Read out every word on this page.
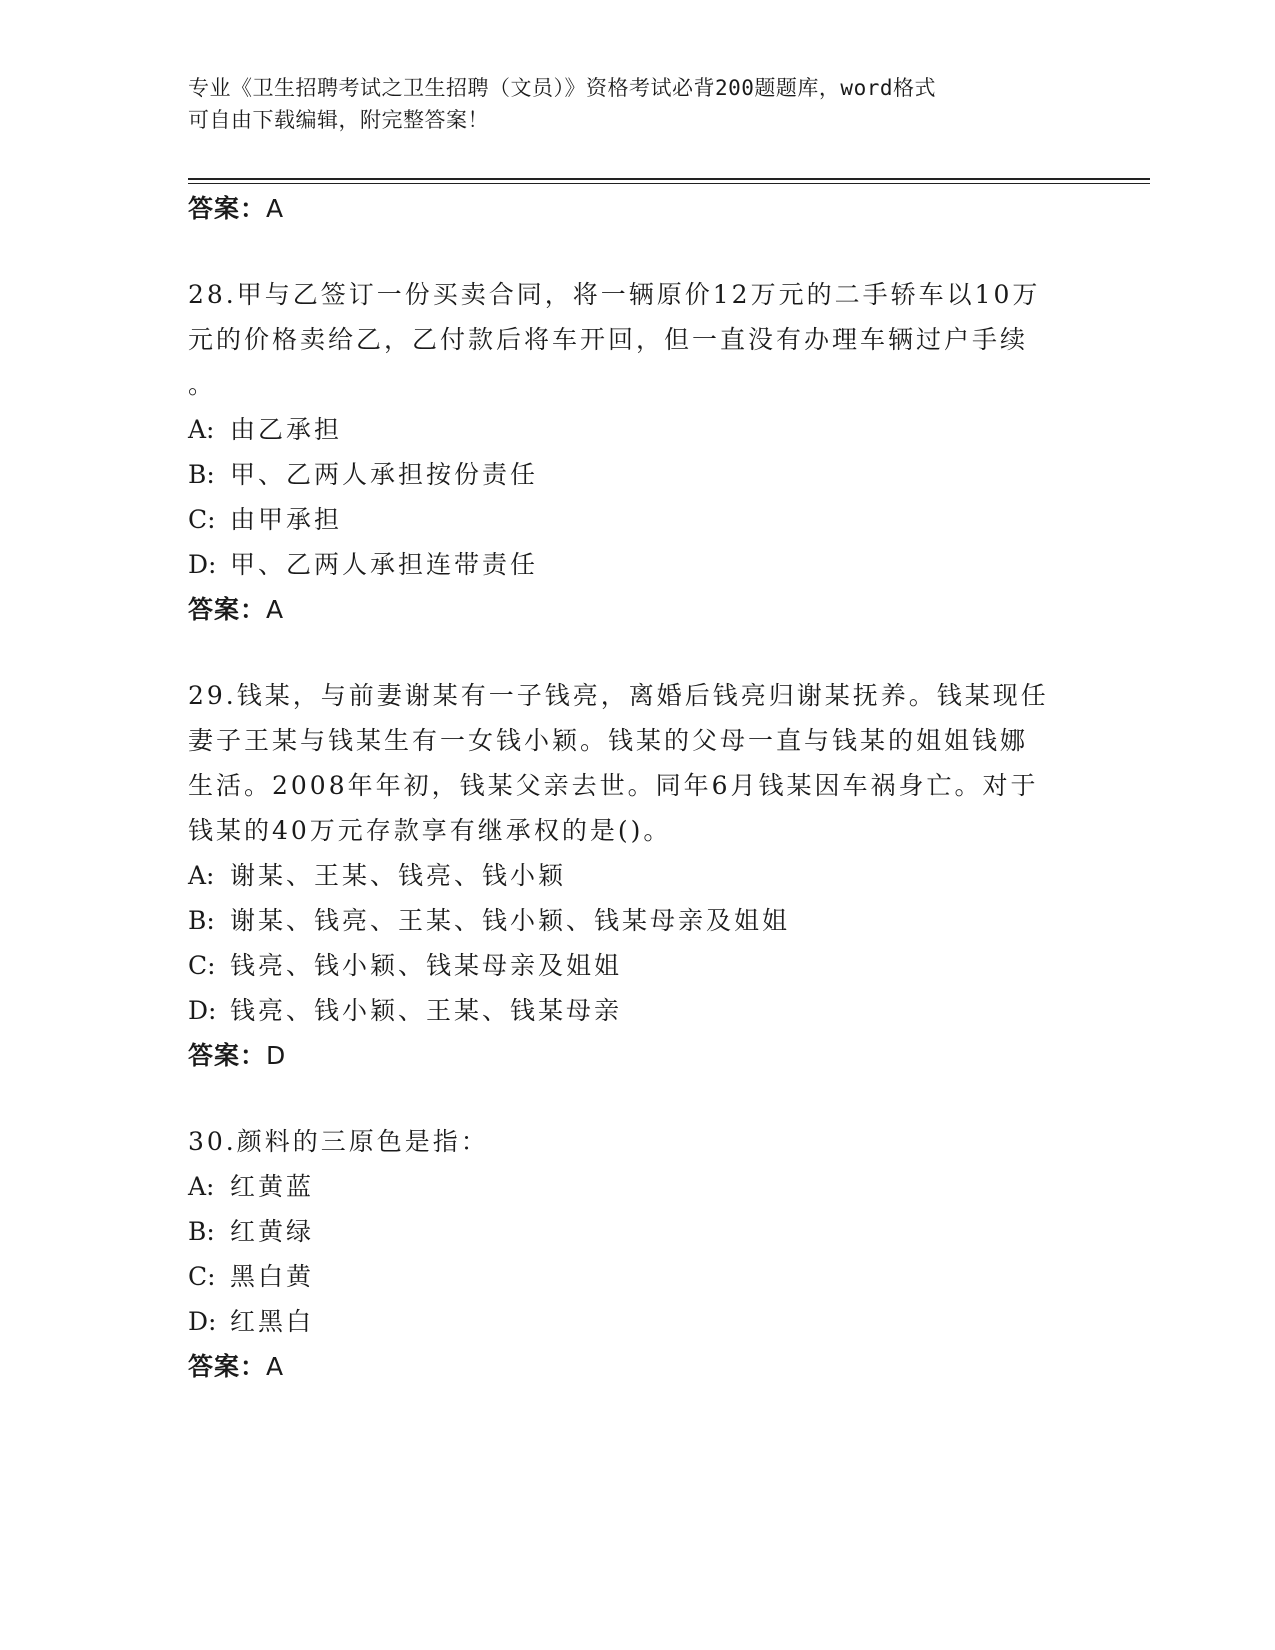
专业《卫生招聘考试之卫生招聘（文员）》资格考试必背200题题库，word格式
可自由下载编辑，附完整答案！
答案：A
28.甲与乙签订一份买卖合同，将一辆原价12万元的二手轿车以10万
元的价格卖给乙，乙付款后将车开回，但一直没有办理车辆过户手续
。
A: 由乙承担
B: 甲、乙两人承担按份责任
C: 由甲承担
D: 甲、乙两人承担连带责任
答案：A
29.钱某，与前妻谢某有一子钱亮，离婚后钱亮归谢某抚养。钱某现任
妻子王某与钱某生有一女钱小颖。钱某的父母一直与钱某的姐姐钱娜
生活。2008年年初，钱某父亲去世。同年6月钱某因车祸身亡。对于
钱某的40万元存款享有继承权的是()。
A: 谢某、王某、钱亮、钱小颖
B: 谢某、钱亮、王某、钱小颖、钱某母亲及姐姐
C: 钱亮、钱小颖、钱某母亲及姐姐
D: 钱亮、钱小颖、王某、钱某母亲
答案：D
30.颜料的三原色是指：
A: 红黄蓝
B: 红黄绿
C: 黑白黄
D: 红黑白
答案：A
